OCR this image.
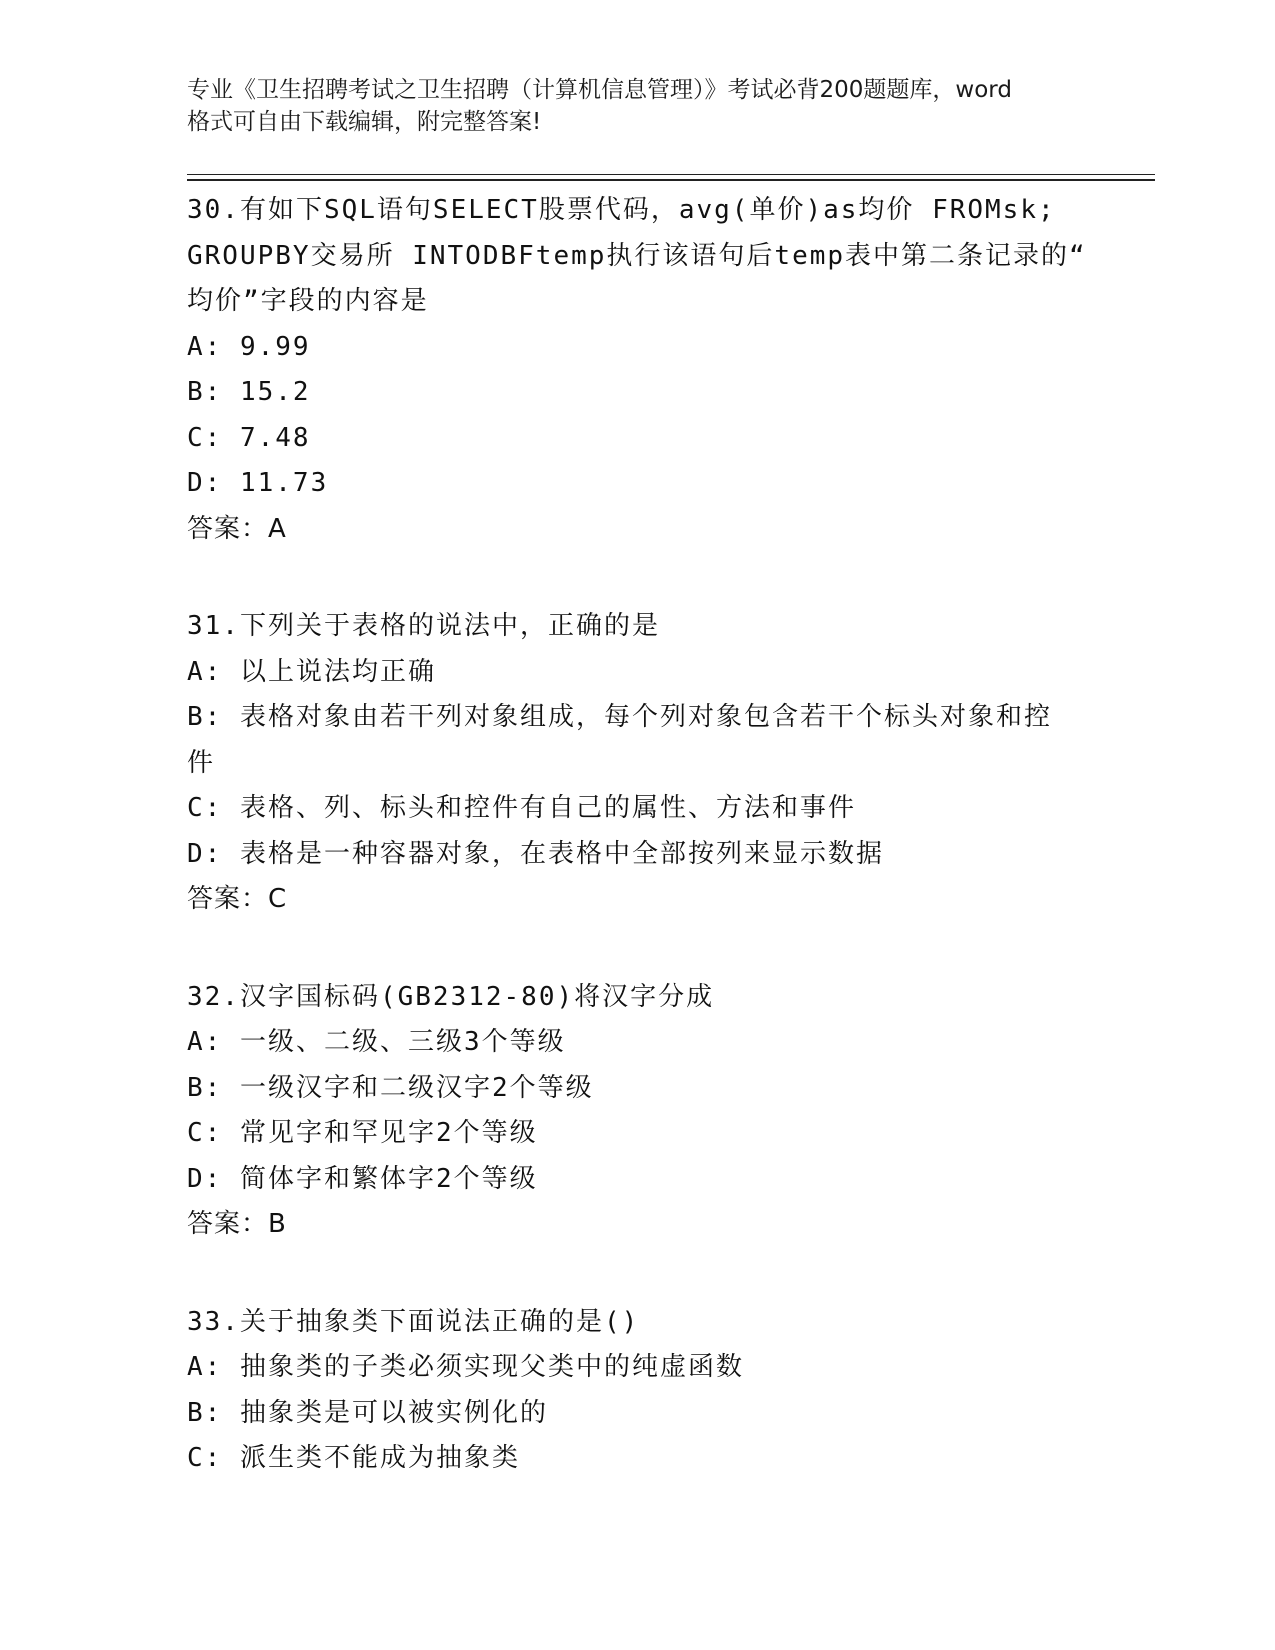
专业《卫生招聘考试之卫生招聘（计算机信息管理）》考试必背200题题库，word
格式可自由下载编辑，附完整答案!
30.有如下SQL语句SELECT股票代码，avg(单价)as均价 FROMsk;
GROUPBY交易所 INTODBFtemp执行该语句后temp表中第二条记录的“
均价”字段的内容是
A: 9.99
B: 15.2
C: 7.48
D: 11.73
答案：A
31.下列关于表格的说法中，正确的是
A: 以上说法均正确
B: 表格对象由若干列对象组成，每个列对象包含若干个标头对象和控
件
C: 表格、列、标头和控件有自己的属性、方法和事件
D: 表格是一种容器对象，在表格中全部按列来显示数据
答案：C
32.汉字国标码(GB2312-80)将汉字分成
A: 一级、二级、三级3个等级
B: 一级汉字和二级汉字2个等级
C: 常见字和罕见字2个等级
D: 简体字和繁体字2个等级
答案：B
33.关于抽象类下面说法正确的是()
A: 抽象类的子类必须实现父类中的纯虚函数
B: 抽象类是可以被实例化的
C: 派生类不能成为抽象类
